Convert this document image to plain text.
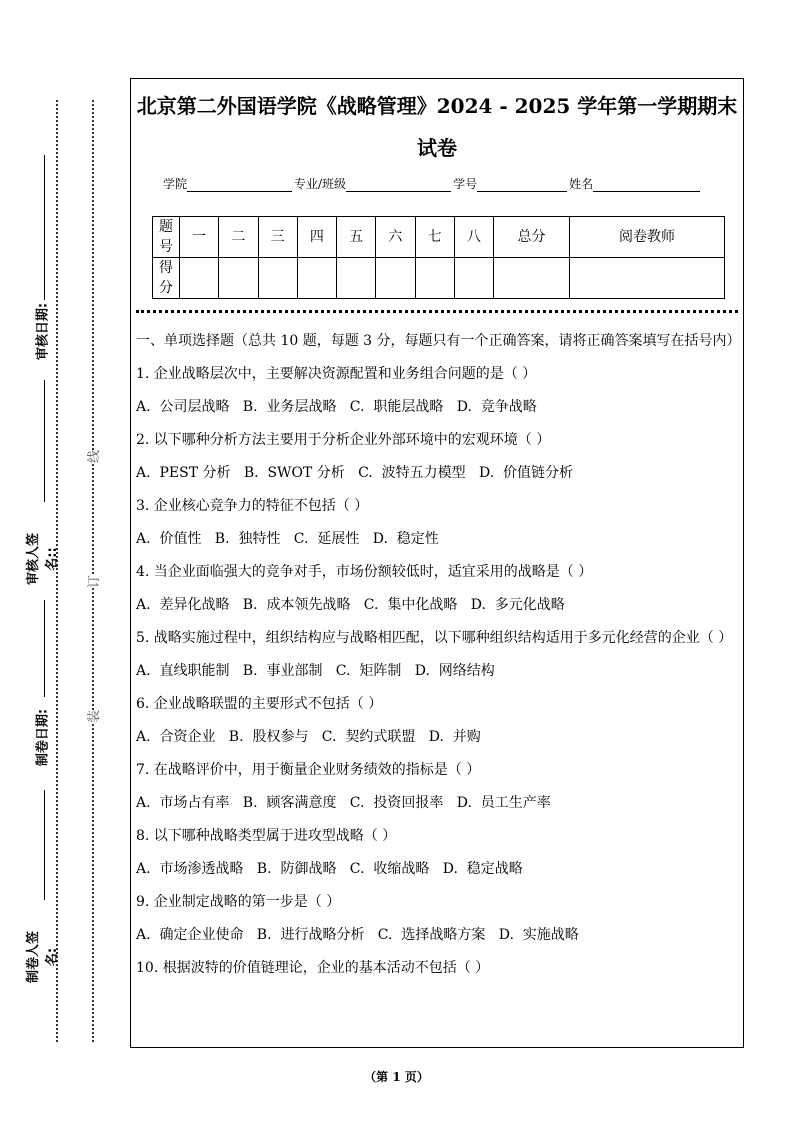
线
订
装
审核日期:
审核人签名::
制卷日期:
制卷人签名:
北京第二外国语学院《战略管理》2024 - 2025 学年第一学期期末
试卷
学院	专业/班级	学号	姓名
题号	一	二	三	四	五	六	七	八	总分	阅卷教师
得分										
一、单项选择题（总共 10 题，每题 3 分，每题只有一个正确答案，请将正确答案填写在括号内）
1. 企业战略层次中，主要解决资源配置和业务组合问题的是（ ）
A.  公司层战略   B.  业务层战略   C.  职能层战略   D.  竞争战略
2. 以下哪种分析方法主要用于分析企业外部环境中的宏观环境（ ）
A.  PEST 分析   B.  SWOT 分析   C.  波特五力模型   D.  价值链分析
3. 企业核心竞争力的特征不包括（ ）
A.  价值性   B.  独特性   C.  延展性   D.  稳定性
4. 当企业面临强大的竞争对手，市场份额较低时，适宜采用的战略是（ ）
A.  差异化战略   B.  成本领先战略   C.  集中化战略   D.  多元化战略
5. 战略实施过程中，组织结构应与战略相匹配，以下哪种组织结构适用于多元化经营的企业（ ）
A.  直线职能制   B.  事业部制   C.  矩阵制   D.  网络结构
6. 企业战略联盟的主要形式不包括（ ）
A.  合资企业   B.  股权参与   C.  契约式联盟   D.  并购
7. 在战略评价中，用于衡量企业财务绩效的指标是（ ）
A.  市场占有率   B.  顾客满意度   C.  投资回报率   D.  员工生产率
8. 以下哪种战略类型属于进攻型战略（ ）
A.  市场渗透战略   B.  防御战略   C.  收缩战略   D.  稳定战略
9. 企业制定战略的第一步是（ ）
A.  确定企业使命   B.  进行战略分析   C.  选择战略方案   D.  实施战略
10. 根据波特的价值链理论，企业的基本活动不包括（ ）
（第 1 页）
